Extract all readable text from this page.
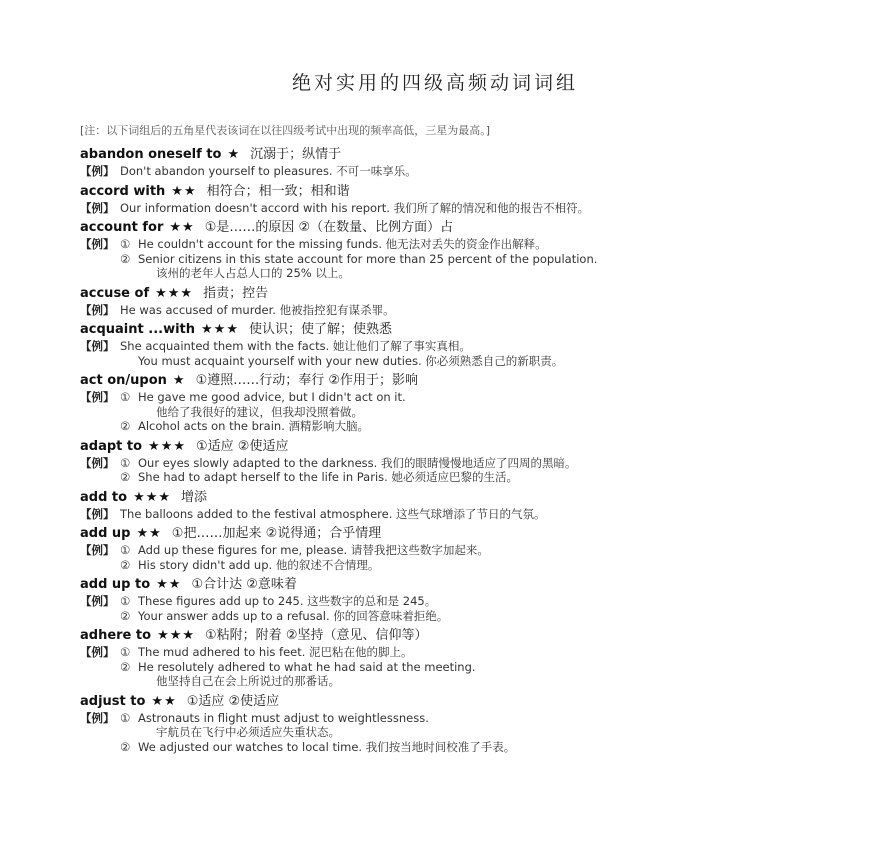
绝对实用的四级高频动词词组
[注：以下词组后的五角星代表该词在以往四级考试中出现的频率高低，三星为最高。]
abandon oneself to ★ 沉溺于；纵情于
【例】 Don't abandon yourself to pleasures. 不可一味享乐。
accord with ★★ 相符合；相一致；相和谐
【例】 Our information doesn't accord with his report. 我们所了解的情况和他的报告不相符。
account for ★★ ①是……的原因 ②（在数量、比例方面）占
【例】 ① He couldn't account for the missing funds. 他无法对丢失的资金作出解释。
② Senior citizens in this state account for more than 25 percent of the population.
该州的老年人占总人口的 25% 以上。
accuse of ★★★ 指责；控告
【例】 He was accused of murder. 他被指控犯有谋杀罪。
acquaint ...with ★★★ 使认识；使了解；使熟悉
【例】 She acquainted them with the facts. 她让他们了解了事实真相。
You must acquaint yourself with your new duties. 你必须熟悉自己的新职责。
act on/upon ★ ①遵照……行动；奉行 ②作用于；影响
【例】 ① He gave me good advice, but I didn't act on it.
他给了我很好的建议，但我却没照着做。
② Alcohol acts on the brain. 酒精影响大脑。
adapt to ★★★ ①适应 ②使适应
【例】 ① Our eyes slowly adapted to the darkness. 我们的眼睛慢慢地适应了四周的黑暗。
② She had to adapt herself to the life in Paris. 她必须适应巴黎的生活。
add to ★★★ 增添
【例】 The balloons added to the festival atmosphere. 这些气球增添了节日的气氛。
add up ★★ ①把……加起来 ②说得通；合乎情理
【例】 ① Add up these figures for me, please. 请替我把这些数字加起来。
② His story didn't add up. 他的叙述不合情理。
add up to ★★ ①合计达 ②意味着
【例】 ① These figures add up to 245. 这些数字的总和是 245。
② Your answer adds up to a refusal. 你的回答意味着拒绝。
adhere to ★★★ ①粘附；附着 ②坚持（意见、信仰等）
【例】 ① The mud adhered to his feet. 泥巴粘在他的脚上。
② He resolutely adhered to what he had said at the meeting.
他坚持自己在会上所说过的那番话。
adjust to ★★ ①适应 ②使适应
【例】 ① Astronauts in flight must adjust to weightlessness.
宇航员在飞行中必须适应失重状态。
② We adjusted our watches to local time. 我们按当地时间校准了手表。
